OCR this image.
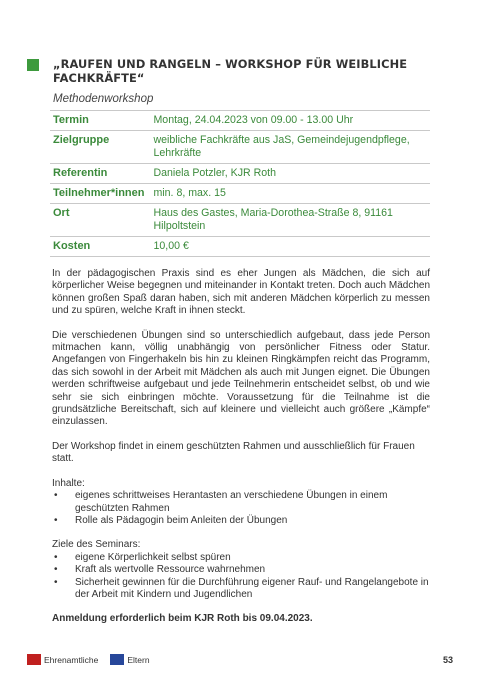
„RAUFEN UND RANGELN – WORKSHOP FÜR WEIBLICHE FACHKRÄFTE“
Methodenworkshop
Termin	Montag, 24.04.2023 von 09.00 - 13.00 Uhr
Zielgruppe	weibliche Fachkräfte aus JaS, Gemeindejugendpflege, Lehrkräfte
Referentin	Daniela Potzler, KJR Roth
Teilnehmer*innen	min. 8, max. 15
Ort	Haus des Gastes, Maria-Dorothea-Straße 8, 91161 Hilpoltstein
Kosten	10,00 €

In der pädagogischen Praxis sind es eher Jungen als Mädchen, die sich auf körperlicher Weise begegnen und miteinander in Kontakt treten. Doch auch Mädchen können großen Spaß daran haben, sich mit anderen Mädchen körperlich zu messen und zu spüren, welche Kraft in ihnen steckt.

Die verschiedenen Übungen sind so unterschiedlich aufgebaut, dass jede Person mitmachen kann, völlig unabhängig von persönlicher Fitness oder Statur. Angefangen von Fingerhakeln bis hin zu kleinen Ringkämpfen reicht das Programm, das sich sowohl in der Arbeit mit Mädchen als auch mit Jungen eignet. Die Übungen werden schriftweise aufgebaut und jede Teilnehmerin entscheidet selbst, ob und wie sehr sie sich einbringen möchte. Voraussetzung für die Teilnahme ist die grundsätzliche Bereitschaft, sich auf kleinere und vielleicht auch größere „Kämpfe“ einzulassen.

Der Workshop findet in einem geschützten Rahmen und ausschließlich für Frauen statt.

Inhalte:

• eigenes schrittweises Herantasten an verschiedene Übungen in einem geschützten Rahmen
• Rolle als Pädagogin beim Anleiten der Übungen

Ziele des Seminars:

• eigene Körperlichkeit selbst spüren
• Kraft als wertvolle Ressource wahrnehmen
• Sicherheit gewinnen für die Durchführung eigener Rauf- und Rangelangebote in der Arbeit mit Kindern und Jugendlichen

Anmeldung erforderlich beim KJR Roth bis 09.04.2023.

Ehrenamtliche	Eltern	53
